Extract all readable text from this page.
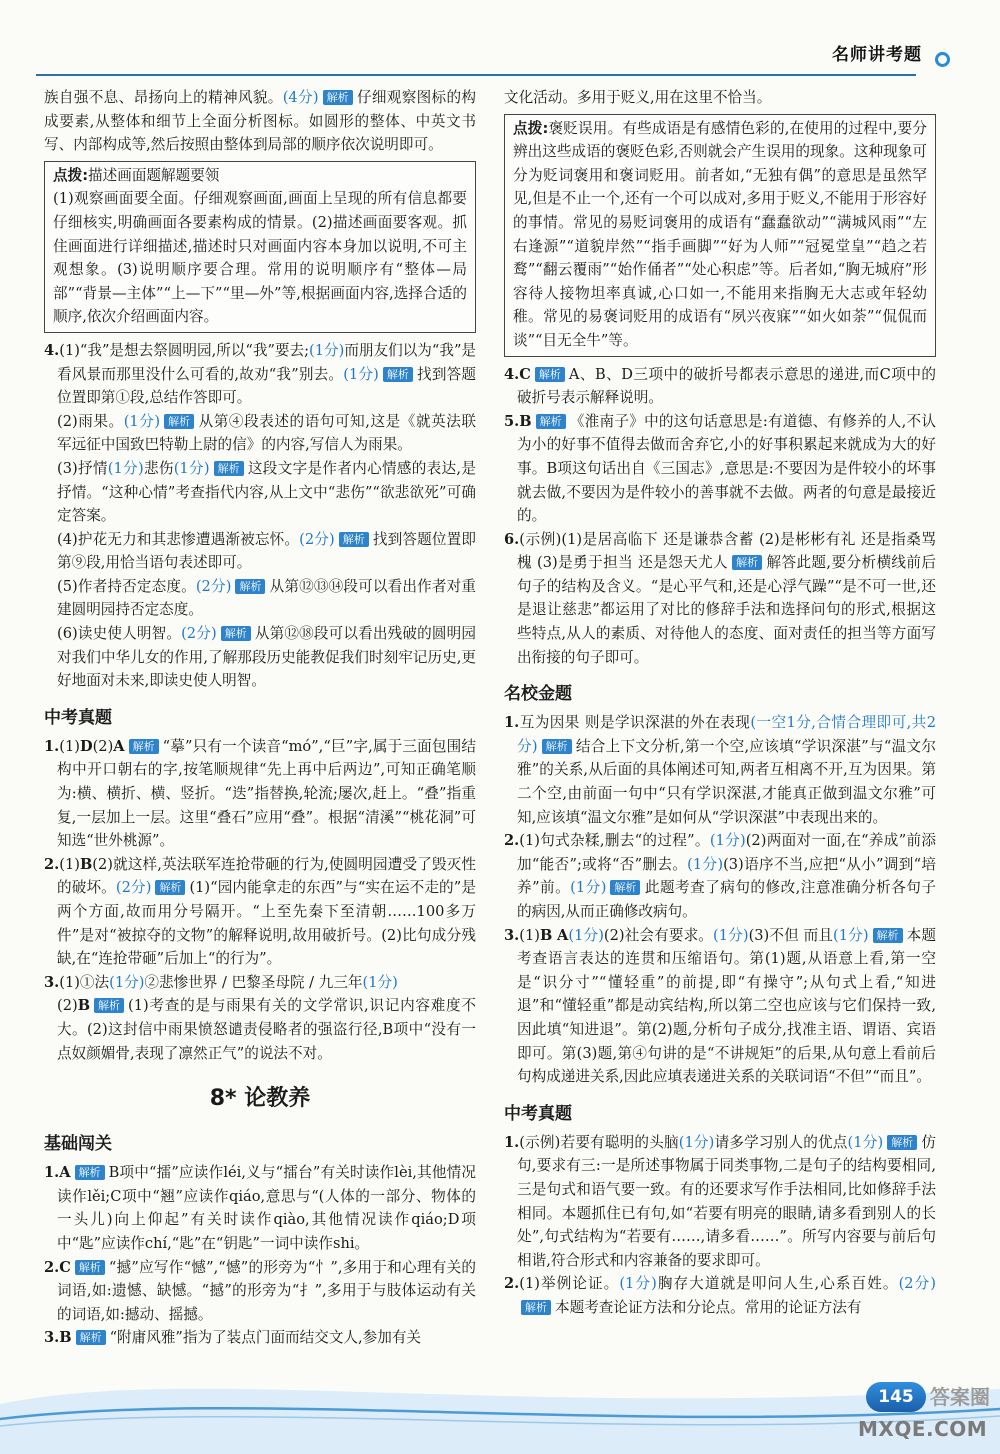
名师讲考题

族自强不息、昂扬向上的精神风貌。(4分) 解析 仔细观察图标的构成要素,从整体和细节上全面分析图标。如圆形的整体、中英文书写、内部构成等,然后按照由整体到局部的顺序依次说明即可。

点拨:描述画面题解题要领

(1)观察画面要全面。仔细观察画面,画面上呈现的所有信息都要仔细核实,明确画面各要素构成的情景。(2)描述画面要客观。抓住画面进行详细描述,描述时只对画面内容本身加以说明,不可主观想象。(3)说明顺序要合理。常用的说明顺序有“整体—局部”“背景—主体”“上—下”“里—外”等,根据画面内容,选择合适的顺序,依次介绍画面内容。

4.(1)“我”是想去祭圆明园,所以“我”要去;(1分)而朋友们以为“我”是看风景而那里没什么可看的,故劝“我”别去。(1分) 解析 找到答题位置即第①段,总结作答即可。

(2)雨果。(1分) 解析 从第④段表述的语句可知,这是《就英法联军远征中国致巴特勒上尉的信》的内容,写信人为雨果。

(3)抒情(1分)悲伤(1分) 解析 这段文字是作者内心情感的表达,是抒情。“这种心情”考查指代内容,从上文中“悲伤”“欲悲欲死”可确定答案。

(4)护花无力和其悲惨遭遇渐被忘怀。(2分) 解析 找到答题位置即第⑨段,用恰当语句表述即可。

(5)作者持否定态度。(2分) 解析 从第⑫⑬⑭段可以看出作者对重建圆明园持否定态度。

(6)读史使人明智。(2分) 解析 从第⑫⑱段可以看出残破的圆明园对我们中华儿女的作用,了解那段历史能教促我们时刻牢记历史,更好地面对未来,即读史使人明智。

中考真题

1.(1)D(2)A 解析 “摹”只有一个读音“mó”,“巨”字,属于三面包围结构中开口朝右的字,按笔顺规律“先上再中后两边”,可知正确笔顺为:横、横折、横、竖折。“迭”指替换,轮流;屡次,赶上。“叠”指重复,一层加上一层。这里“叠石”应用“叠”。根据“清溪”“桃花洞”可知选“世外桃源”。

2.(1)B(2)就这样,英法联军连抢带砸的行为,使圆明园遭受了毁灭性的破坏。(2分) 解析 (1)“园内能拿走的东西”与“实在运不走的”是两个方面,故而用分号隔开。“上至先秦下至清朝……100多万件”是对“被掠夺的文物”的解释说明,故用破折号。(2)比句成分残缺,在“连抢带砸”后加上“的行为”。

3.(1)①法(1分)②悲惨世界 / 巴黎圣母院 / 九三年(1分)

(2)B 解析 (1)考查的是与雨果有关的文学常识,识记内容难度不大。(2)这封信中雨果愤怒谴责侵略者的强盗行径,B项中“没有一点奴颜媚骨,表现了凛然正气”的说法不对。

8* 论教养
基础闯关

1.A 解析 B项中“擂”应读作léi,义与“擂台”有关时读作lèi,其他情况读作lěi;C项中“翘”应读作qiáo,意思与“(人体的一部分、物体的一头儿)向上仰起”有关时读作qiào,其他情况读作qiáo;D项中“匙”应读作chí,“匙”在“钥匙”一词中读作shi。

2.C 解析 “撼”应写作“憾”,“憾”的形旁为“忄”,多用于和心理有关的词语,如:遗憾、缺憾。“撼”的形旁为“扌”,多用于与肢体运动有关的词语,如:撼动、摇撼。

3.B 解析 “附庸风雅”指为了装点门面而结交文人,参加有关

文化活动。多用于贬义,用在这里不恰当。

点拨:褒贬误用。有些成语是有感情色彩的,在使用的过程中,要分辨出这些成语的褒贬色彩,否则就会产生误用的现象。这种现象可分为贬词褒用和褒词贬用。前者如,“无独有偶”的意思是虽然罕见,但是不止一个,还有一个可以成对,多用于贬义,不能用于形容好的事情。常见的易贬词褒用的成语有“蠢蠢欲动”“满城风雨”“左右逢源”“道貌岸然”“指手画脚”“好为人师”“冠冕堂皇”“趋之若鹜”“翻云覆雨”“始作俑者”“处心积虑”等。后者如,“胸无城府”形容待人接物坦率真诚,心口如一,不能用来指胸无大志或年轻幼稚。常见的易褒词贬用的成语有“夙兴夜寐”“如火如荼”“侃侃而谈”“目无全牛”等。

4.C 解析 A、B、D三项中的破折号都表示意思的递进,而C项中的破折号表示解释说明。

5.B 解析 《淮南子》中的这句话意思是:有道德、有修养的人,不认为小的好事不值得去做而舍弃它,小的好事积累起来就成为大的好事。B项这句话出自《三国志》,意思是:不要因为是件较小的坏事就去做,不要因为是件较小的善事就不去做。两者的句意是最接近的。

6.(示例)(1)是居高临下 还是谦恭含蓄 (2)是彬彬有礼 还是指桑骂槐 (3)是勇于担当 还是怨天尤人 解析 解答此题,要分析横线前后句子的结构及含义。“是心平气和,还是心浮气躁”“是不可一世,还是退让慈悲”都运用了对比的修辞手法和选择问句的形式,根据这些特点,从人的素质、对待他人的态度、面对责任的担当等方面写出衔接的句子即可。

名校金题

1.互为因果 则是学识深湛的外在表现(一空1分,合情合理即可,共2分) 解析 结合上下文分析,第一个空,应该填“学识深湛”与“温文尔雅”的关系,从后面的具体阐述可知,两者互相离不开,互为因果。第二个空,由前面一句中“只有学识深湛,才能真正做到温文尔雅”可知,应该填“温文尔雅”是如何从“学识深湛”中表现出来的。

2.(1)句式杂糅,删去“的过程”。(1分)(2)两面对一面,在“养成”前添加“能否”;或将“否”删去。(1分)(3)语序不当,应把“从小”调到“培养”前。(1分) 解析 此题考查了病句的修改,注意准确分析各句子的病因,从而正确修改病句。

3.(1)B A(1分)(2)社会有要求。(1分)(3)不但 而且(1分) 解析 本题考查语言表达的连贯和压缩语句。第(1)题,从语意上看,第一空是“识分寸”“懂轻重”的前提,即“有操守”;从句式上看,“知进退”和“懂轻重”都是动宾结构,所以第二空也应该与它们保持一致,因此填“知进退”。第(2)题,分析句子成分,找准主语、谓语、宾语即可。第(3)题,第④句讲的是“不讲规矩”的后果,从句意上看前后句构成递进关系,因此应填表递进关系的关联词语“不但”“而且”。

中考真题

1.(示例)若要有聪明的头脑(1分)请多学习别人的优点(1分) 解析 仿句,要求有三:一是所述事物属于同类事物,二是句子的结构要相同,三是句式和语气要一致。有的还要求写作手法相同,比如修辞手法相同。本题抓住已有句,如“若要有明亮的眼睛,请多看到别人的长处”,句式结构为“若要有……,请多看……”。所写内容要与前后句相谐,符合形式和内容兼备的要求即可。

2.(1)举例论证。(1分)胸存大道就是叩问人生,心系百姓。(2分)解析 本题考查论证方法和分论点。常用的论证方法有

145 答案圈
MXQE.COM
